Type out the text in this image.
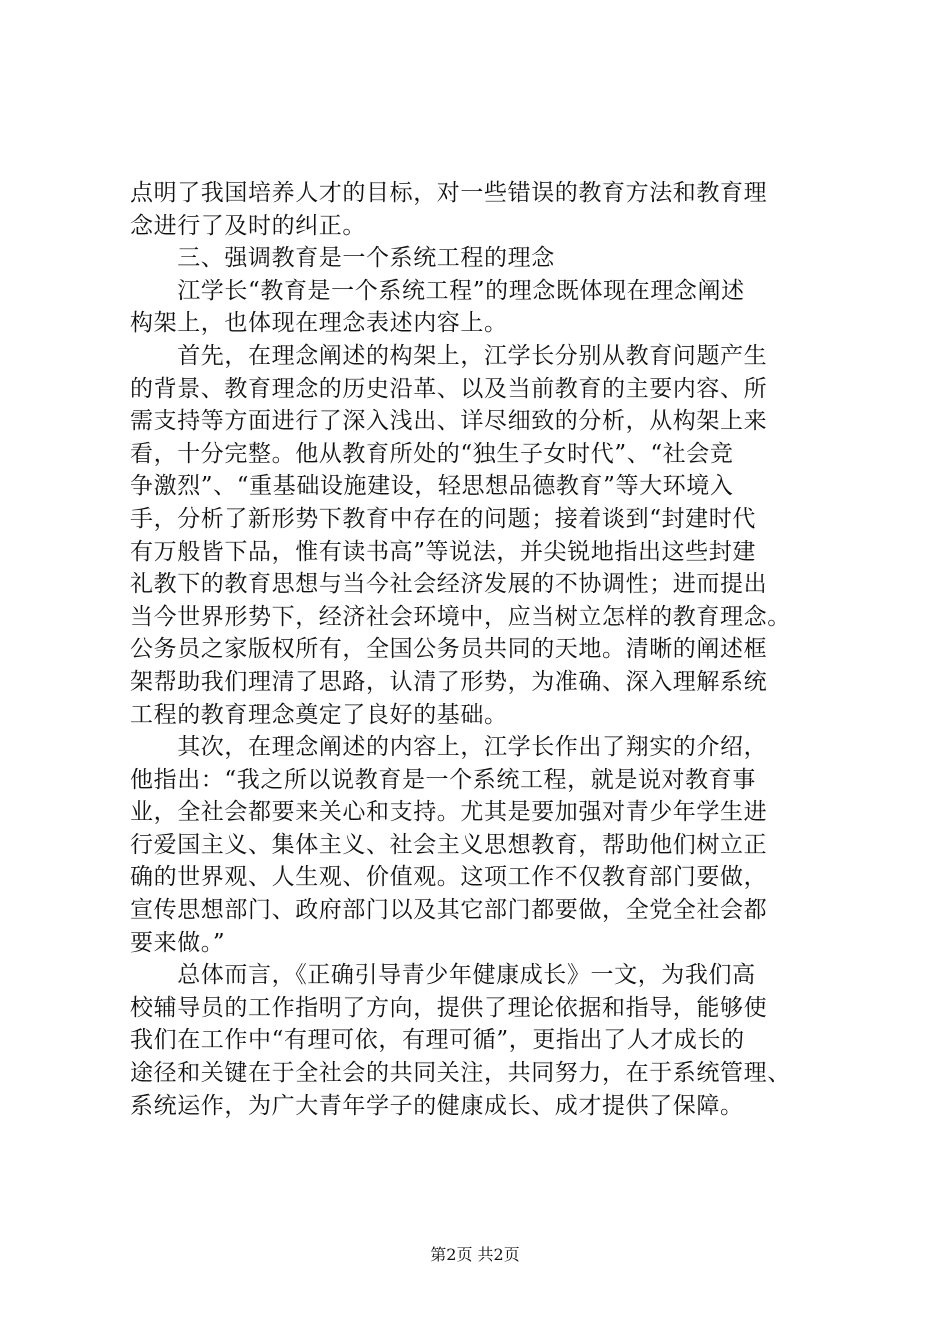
点明了我国培养人才的目标，对一些错误的教育方法和教育理
念进行了及时的纠正。
　　三、强调教育是一个系统工程的理念
　　江学长“教育是一个系统工程”的理念既体现在理念阐述
构架上，也体现在理念表述内容上。
　　首先，在理念阐述的构架上，江学长分别从教育问题产生
的背景、教育理念的历史沿革、以及当前教育的主要内容、所
需支持等方面进行了深入浅出、详尽细致的分析，从构架上来
看，十分完整。他从教育所处的“独生子女时代”、“社会竞
争激烈”、“重基础设施建设，轻思想品德教育”等大环境入
手，分析了新形势下教育中存在的问题；接着谈到“封建时代
有万般皆下品，惟有读书高”等说法，并尖锐地指出这些封建
礼教下的教育思想与当今社会经济发展的不协调性；进而提出
当今世界形势下，经济社会环境中，应当树立怎样的教育理念。
公务员之家版权所有，全国公务员共同的天地。清晰的阐述框
架帮助我们理清了思路，认清了形势，为准确、深入理解系统
工程的教育理念奠定了良好的基础。
　　其次，在理念阐述的内容上，江学长作出了翔实的介绍，
他指出：“我之所以说教育是一个系统工程，就是说对教育事
业，全社会都要来关心和支持。尤其是要加强对青少年学生进
行爱国主义、集体主义、社会主义思想教育，帮助他们树立正
确的世界观、人生观、价值观。这项工作不仅教育部门要做，
宣传思想部门、政府部门以及其它部门都要做，全党全社会都
要来做。”
　　总体而言，《正确引导青少年健康成长》一文，为我们高
校辅导员的工作指明了方向，提供了理论依据和指导，能够使
我们在工作中“有理可依，有理可循”，更指出了人才成长的
途径和关键在于全社会的共同关注，共同努力，在于系统管理、
系统运作，为广大青年学子的健康成长、成才提供了保障。
第2页 共2页
